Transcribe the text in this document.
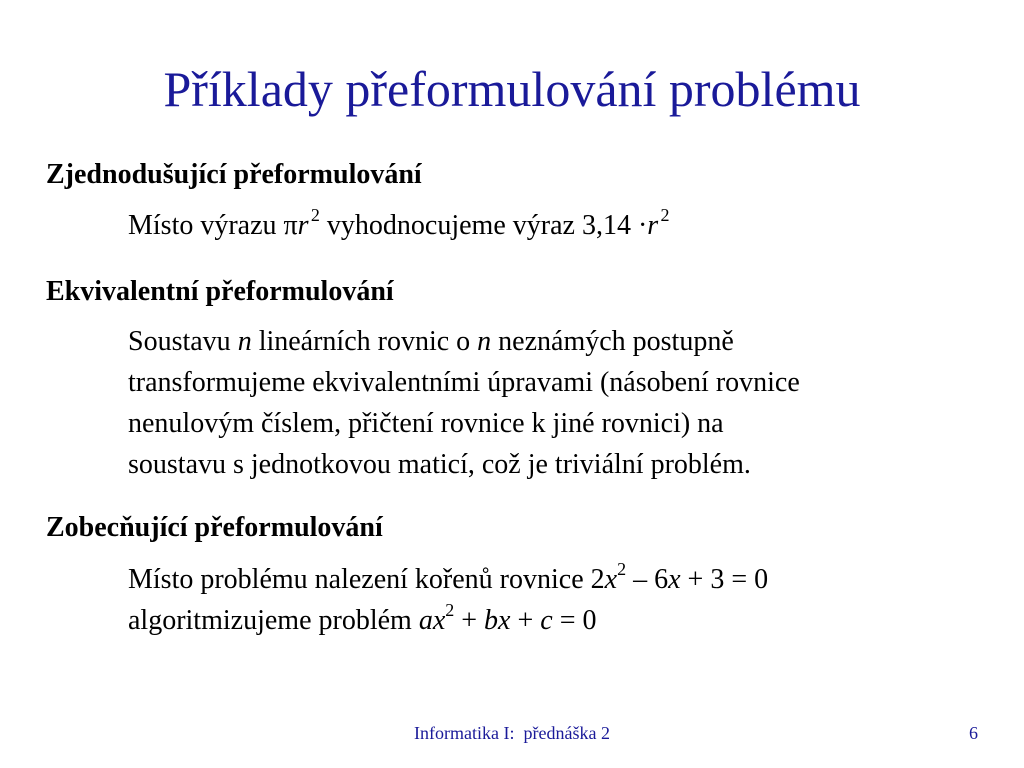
Příklady přeformulování problému
Zjednodušující přeformulování
Místo výrazu πr  $^2$ vyhodnocujeme výraz 3,14 ·r  $^2$
Ekvivalentní přeformulování
Soustavu n lineárních rovnic o n neznámých postupně
transformujeme ekvivalentními úpravami (násobení rovnice
nenulovým číslem, přičtení rovnice k jiné rovnici) na
soustavu s jednotkovou maticí, což je triviální problém.
Zobecňující přeformulování
Místo problému nalezení kořenů rovnice $2x^2 - 6x + 3 = 0$
algoritmizujeme problém $ax^2$ + bx + c = 0
Informatika I:  přednáška 2	6
